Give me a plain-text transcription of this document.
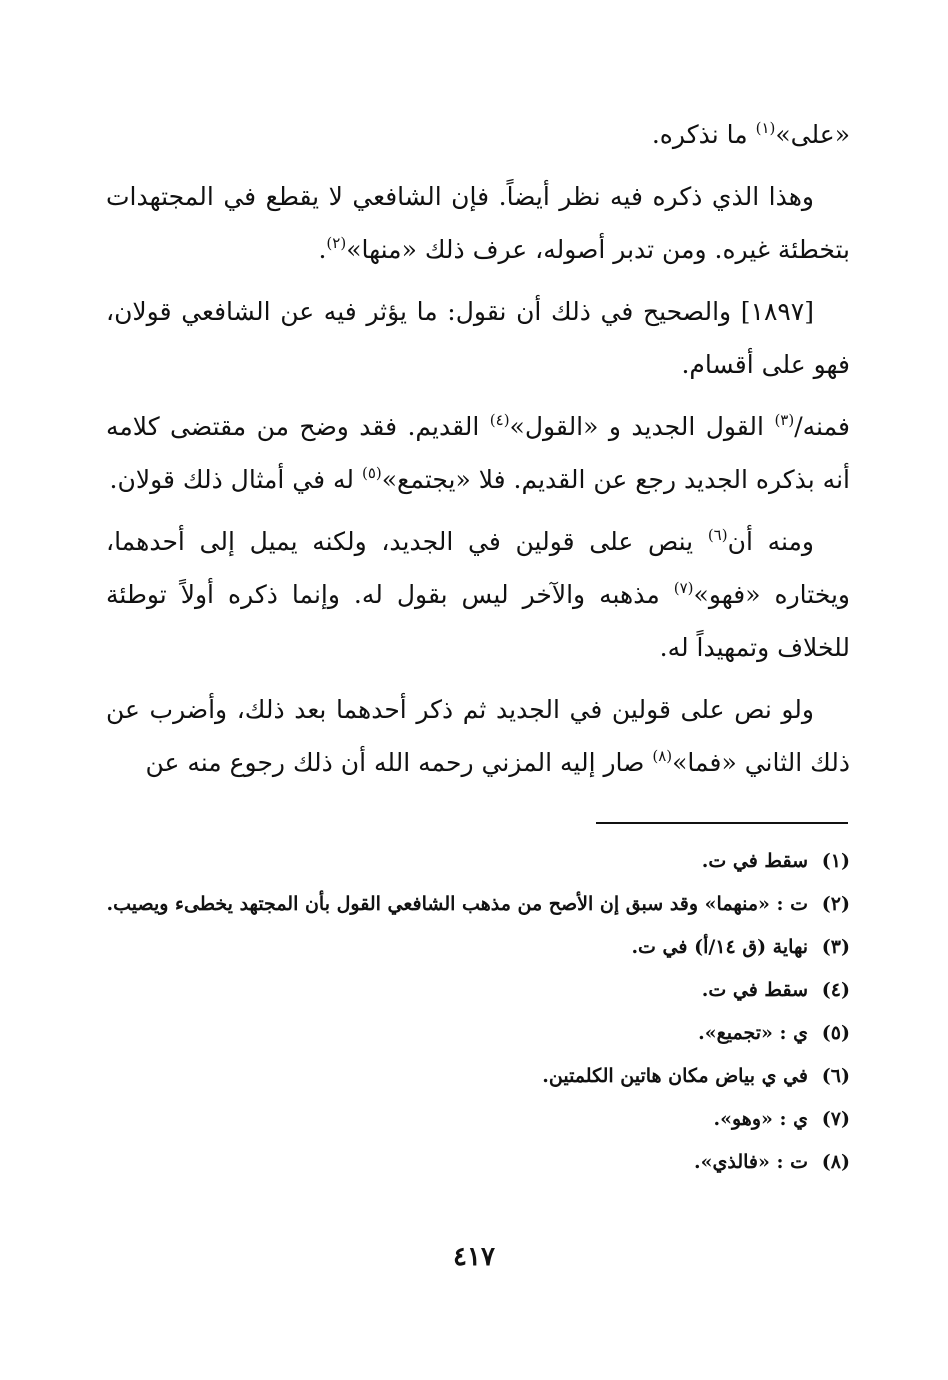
«على»$^{(١)}$ ما نذكره.

وهذا الذي ذكره فيه نظر أيضاً. فإن الشافعي لا يقطع في المجتهدات بتخطئة غيره. ومن تدبر أصوله، عرف ذلك «منها»$^{(٢)}$.

[١٨٩٧] والصحيح في ذلك أن نقول: ما يؤثر فيه عن الشافعي قولان، فهو على أقسام.

فمنه/$^{(٣)}$ القول الجديد و «القول»$^{(٤)}$ القديم. فقد وضح من مقتضى كلامه أنه بذكره الجديد رجع عن القديم. فلا «يجتمع»$^{(٥)}$ له في أمثال ذلك قولان.

ومنه أن$^{(٦)}$ ينص على قولين في الجديد، ولكنه يميل إلى أحدهما، ويختاره «فهو»$^{(٧)}$ مذهبه والآخر ليس بقول له. وإنما ذكره أولاً توطئة للخلاف وتمهيداً له.

ولو نص على قولين في الجديد ثم ذكر أحدهما بعد ذلك، وأضرب عن ذلك الثاني «فما»$^{(٨)}$ صار إليه المزني رحمه الله أن ذلك رجوع منه عن

(١)
سقط في ت.
(٢)
ت : «منهما» وقد سبق إن الأصح من مذهب الشافعي القول بأن المجتهد يخطىء ويصيب.
(٣)
نهاية (ق ١٤/أ) في ت.
(٤)
سقط في ت.
(٥)
ي : «تجميع».
(٦)
في ي بياض مكان هاتين الكلمتين.
(٧)
ي : «وهو».
(٨)
ت : «فالذي».
٤١٧
